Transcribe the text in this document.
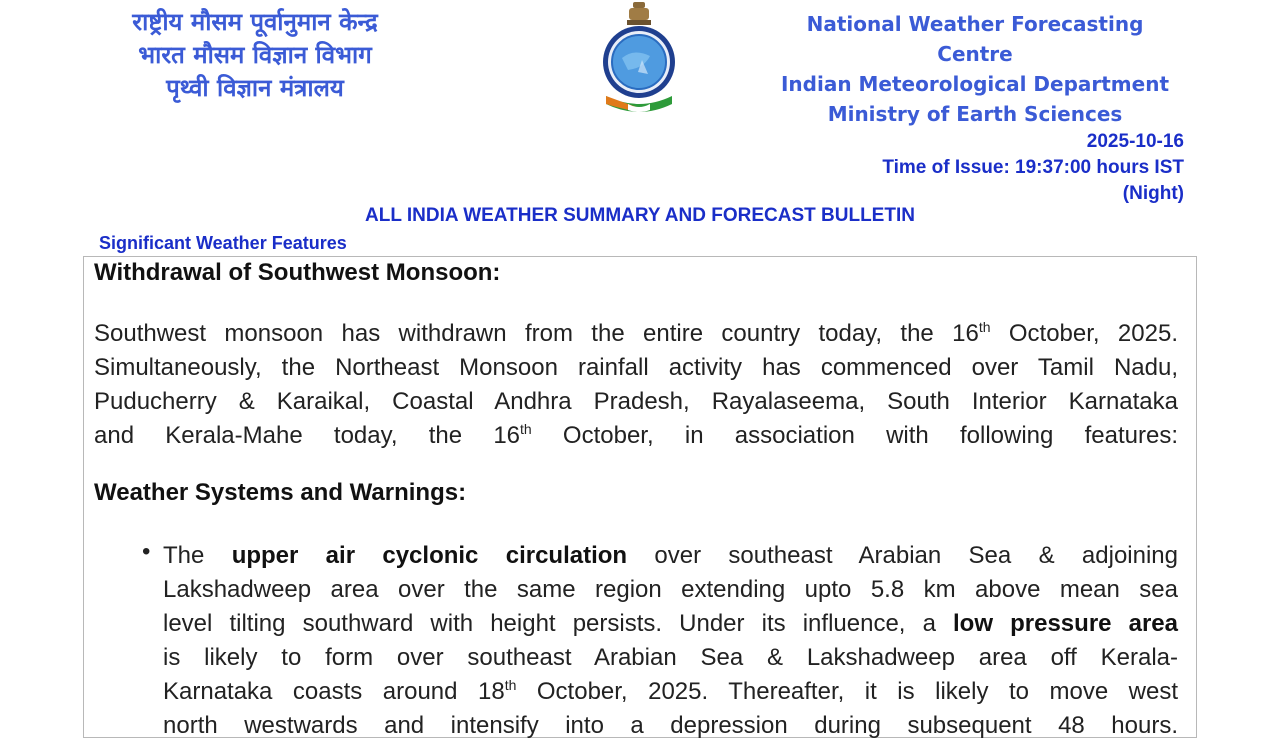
राष्ट्रीय मौसम पूर्वानुमान केन्द्र
भारत मौसम विज्ञान विभाग
पृथ्वी विज्ञान मंत्रालय
National Weather Forecasting Centre
Indian Meteorological Department
Ministry of Earth Sciences
2025-10-16
Time of Issue: 19:37:00 hours IST
(Night)
ALL INDIA WEATHER SUMMARY AND FORECAST BULLETIN
Significant Weather Features
Withdrawal of Southwest Monsoon:
Southwest monsoon has withdrawn from the entire country today, the 16th October, 2025.
Simultaneously, the Northeast Monsoon rainfall activity has commenced over Tamil Nadu,
Puducherry & Karaikal, Coastal Andhra Pradesh, Rayalaseema, South Interior Karnataka
and Kerala-Mahe today, the 16th October, in association with following features:
Weather Systems and Warnings:
• The upper air cyclonic circulation over southeast Arabian Sea & adjoining
Lakshadweep area over the same region extending upto 5.8 km above mean sea
level tilting southward with height persists. Under its influence, a low pressure area
is likely to form over southeast Arabian Sea & Lakshadweep area off Kerala-
Karnataka coasts around 18th October, 2025. Thereafter, it is likely to move west
north westwards and intensify into a depression during subsequent 48 hours.
